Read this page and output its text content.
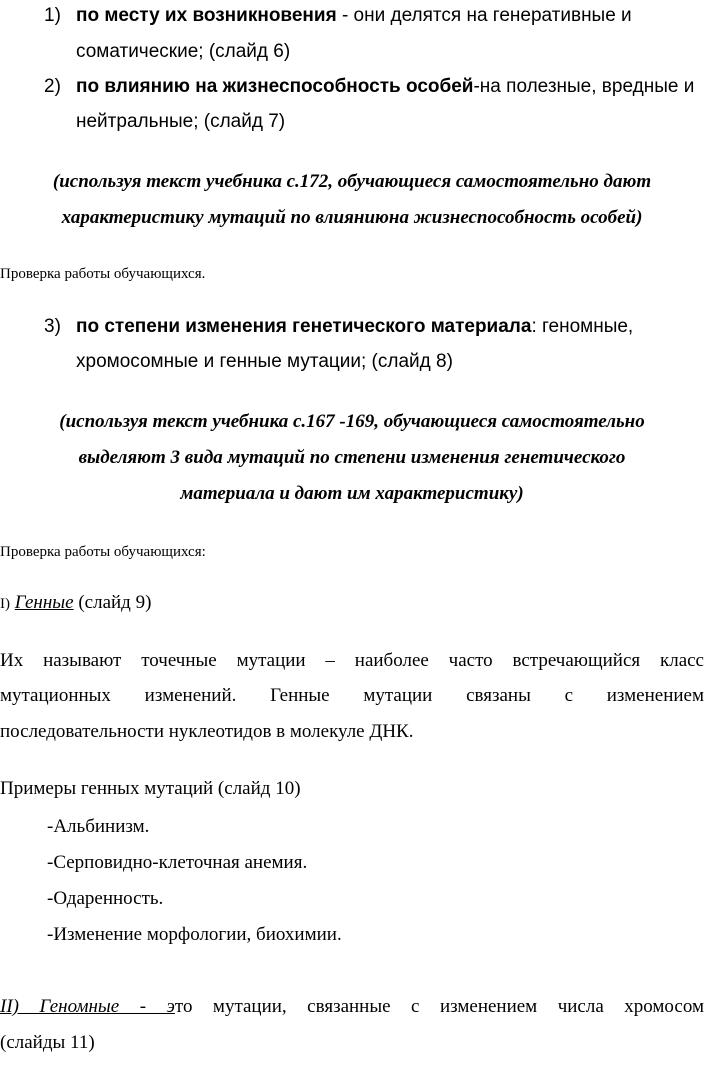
1) по месту их возникновения - они делятся на генеративные и
соматические; (слайд 6)
2) по влиянию на жизнеспособность особей-на полезные, вредные и
нейтральные; (слайд 7)
(используя текст учебника с.172, обучающиеся самостоятельно дают
характеристику мутаций по влияниюна жизнеспособность особей)
Проверка работы обучающихся.
3) по степени изменения генетического материала: геномные,
хромосомные и генные мутации; (слайд 8)
(используя текст учебника с.167 -169, обучающиеся самостоятельно
выделяют 3 вида мутаций по степени изменения генетического
материала и дают им характеристику)
Проверка работы обучающихся:
I) Генные (слайд 9)
Их называют точечные мутации – наиболее часто встречающийся класс
мутационных изменений. Генные мутации связаны с изменением
последовательности нуклеотидов в молекуле ДНК.
Примеры генных мутаций (слайд 10)
-Альбинизм.
-Серповидно-клеточная анемия.
-Одаренность.
-Изменение морфологии, биохимии.
II) Геномные - это мутации, связанные с изменением числа хромосом
(слайды 11)
